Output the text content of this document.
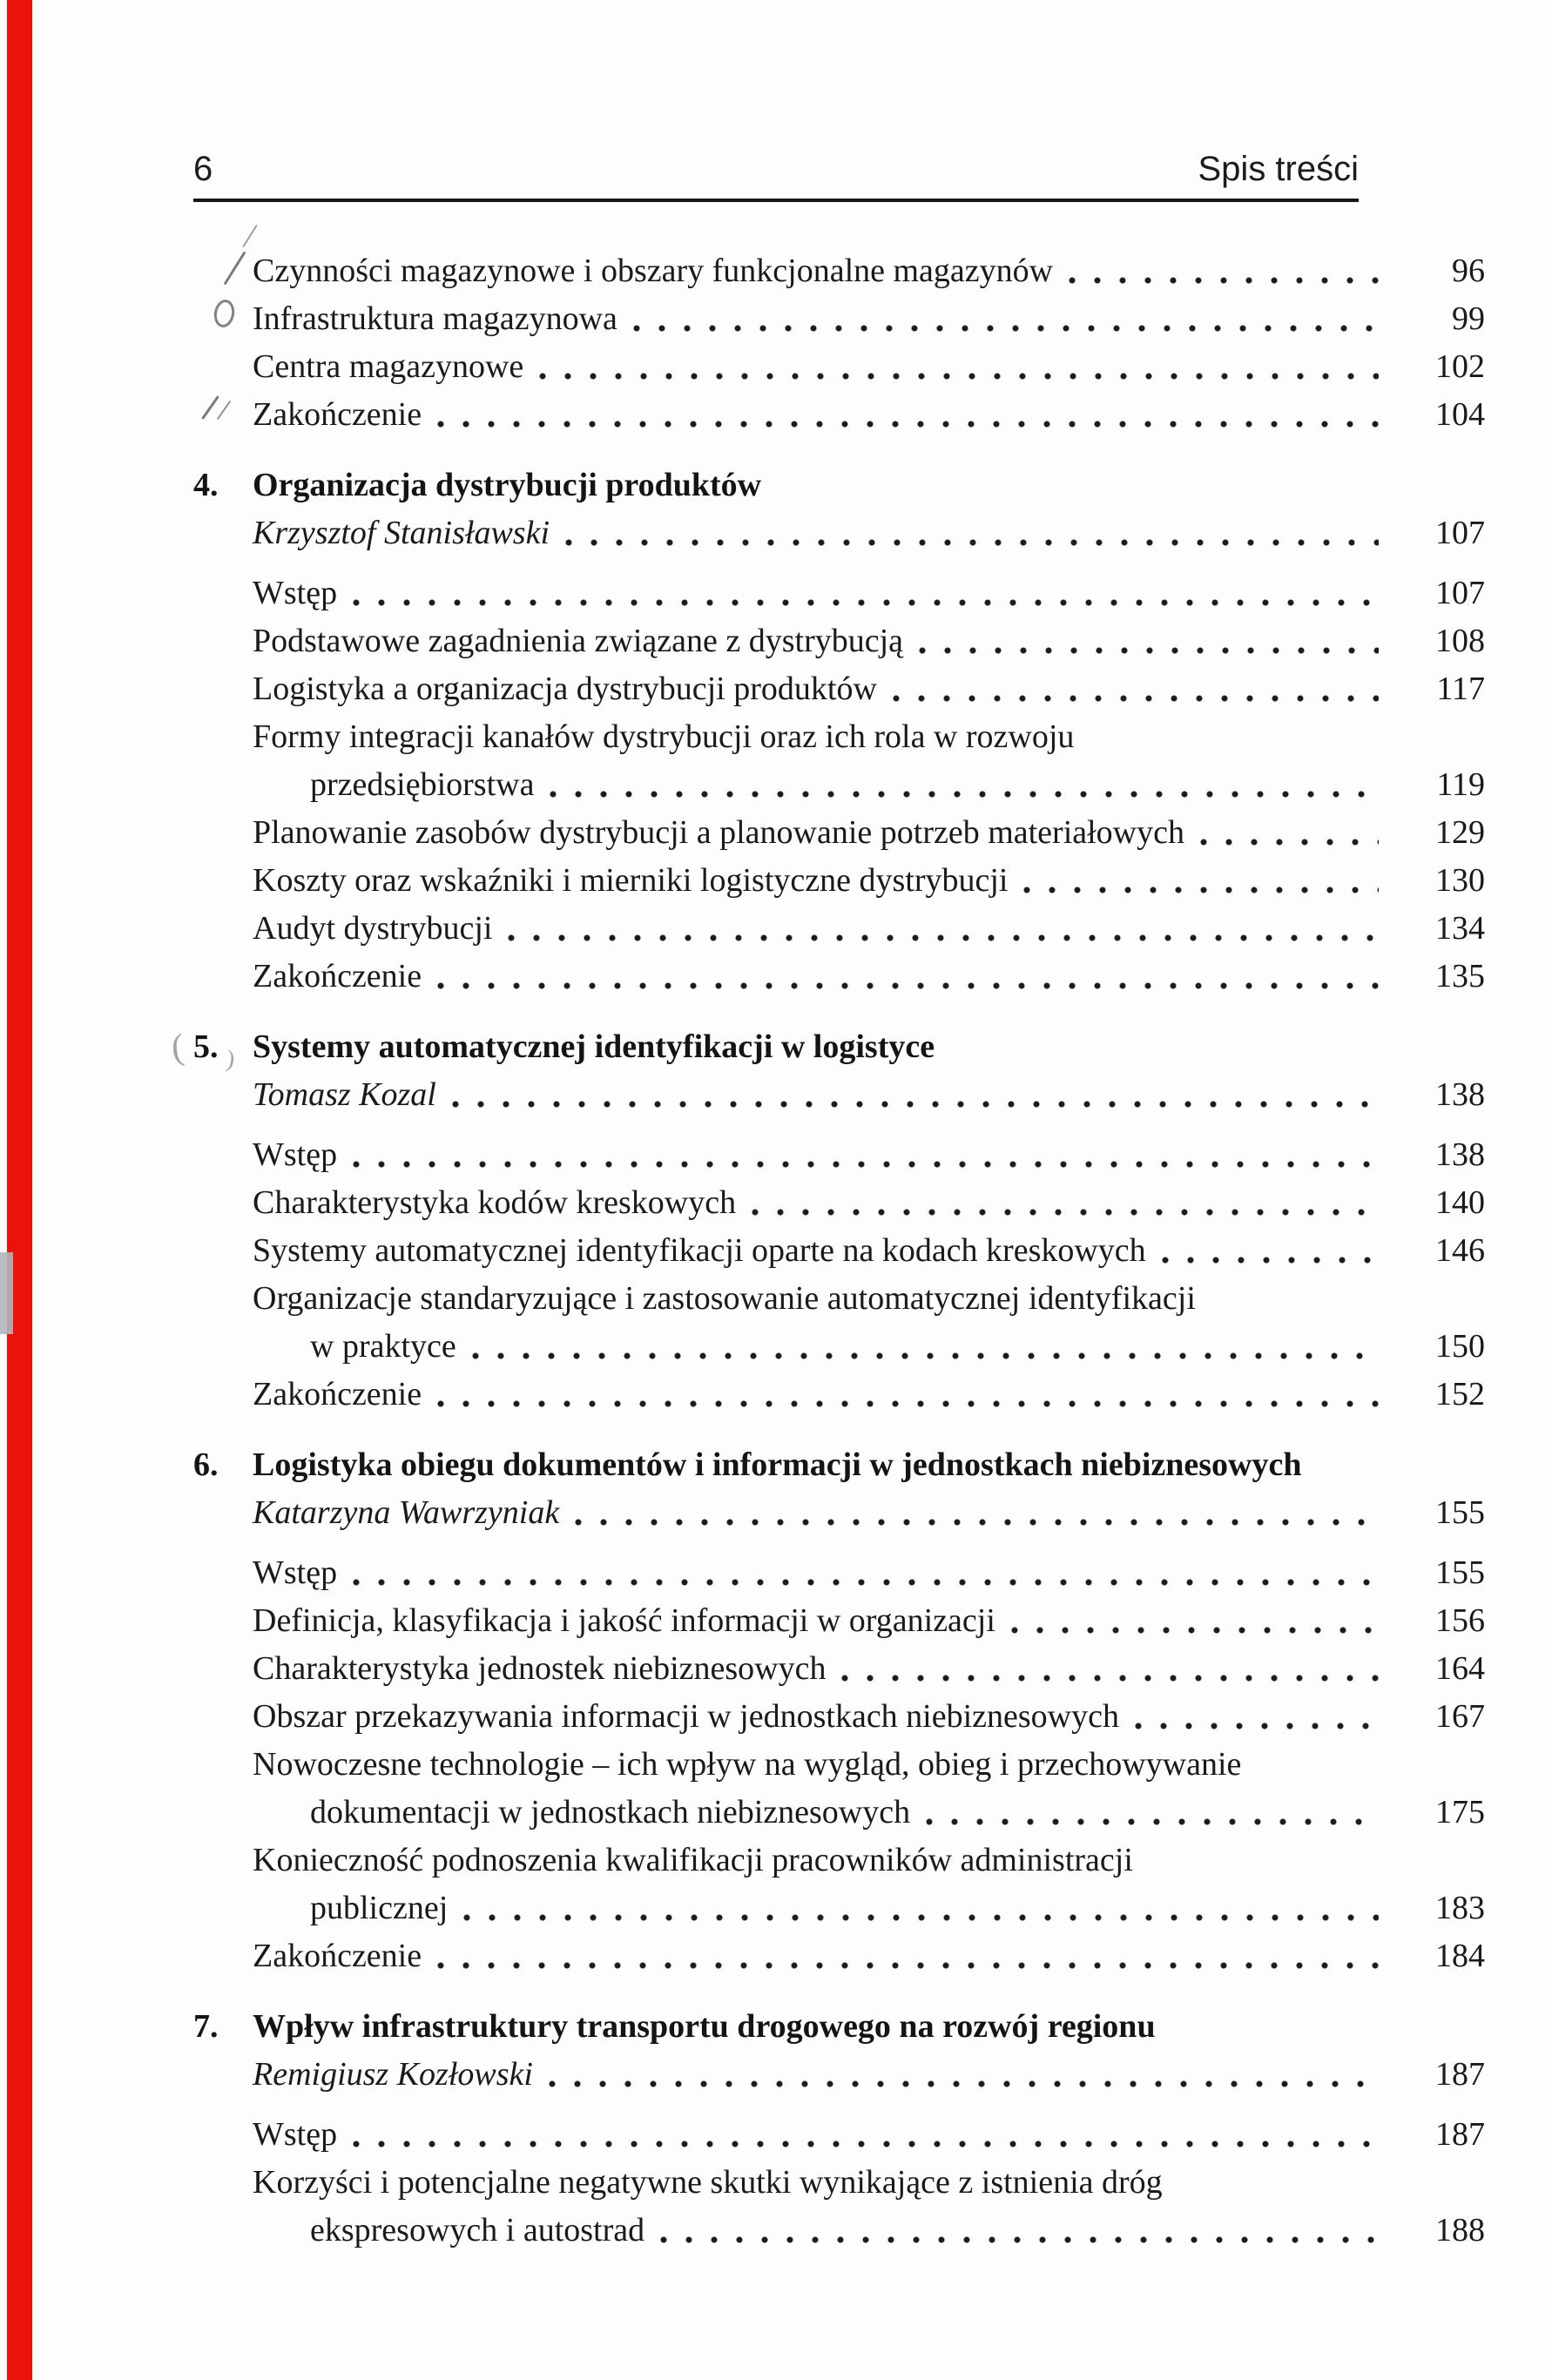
( )
6	Spis treści
Czynności magazynowe i obszary funkcjonalne magazynów	96
Infrastruktura magazynowa	99
Centra magazynowe	102
Zakończenie	104
4.	Organizacja dystrybucji produktów
Krzysztof Stanisławski	107
Wstęp	107
Podstawowe zagadnienia związane z dystrybucją	108
Logistyka a organizacja dystrybucji produktów	117
Formy integracji kanałów dystrybucji oraz ich rola w rozwoju
przedsiębiorstwa	119
Planowanie zasobów dystrybucji a planowanie potrzeb materiałowych	129
Koszty oraz wskaźniki i mierniki logistyczne dystrybucji	130
Audyt dystrybucji	134
Zakończenie	135
5.	Systemy automatycznej identyfikacji w logistyce
Tomasz Kozal	138
Wstęp	138
Charakterystyka kodów kreskowych	140
Systemy automatycznej identyfikacji oparte na kodach kreskowych	146
Organizacje standaryzujące i zastosowanie automatycznej identyfikacji
w praktyce	150
Zakończenie	152
6.	Logistyka obiegu dokumentów i informacji w jednostkach niebiznesowych
Katarzyna Wawrzyniak	155
Wstęp	155
Definicja, klasyfikacja i jakość informacji w organizacji	156
Charakterystyka jednostek niebiznesowych	164
Obszar przekazywania informacji w jednostkach niebiznesowych	167
Nowoczesne technologie – ich wpływ na wygląd, obieg i przechowywanie
dokumentacji w jednostkach niebiznesowych	175
Konieczność podnoszenia kwalifikacji pracowników administracji
publicznej	183
Zakończenie	184
7.	Wpływ infrastruktury transportu drogowego na rozwój regionu
Remigiusz Kozłowski	187
Wstęp	187
Korzyści i potencjalne negatywne skutki wynikające z istnienia dróg
ekspresowych i autostrad	188
